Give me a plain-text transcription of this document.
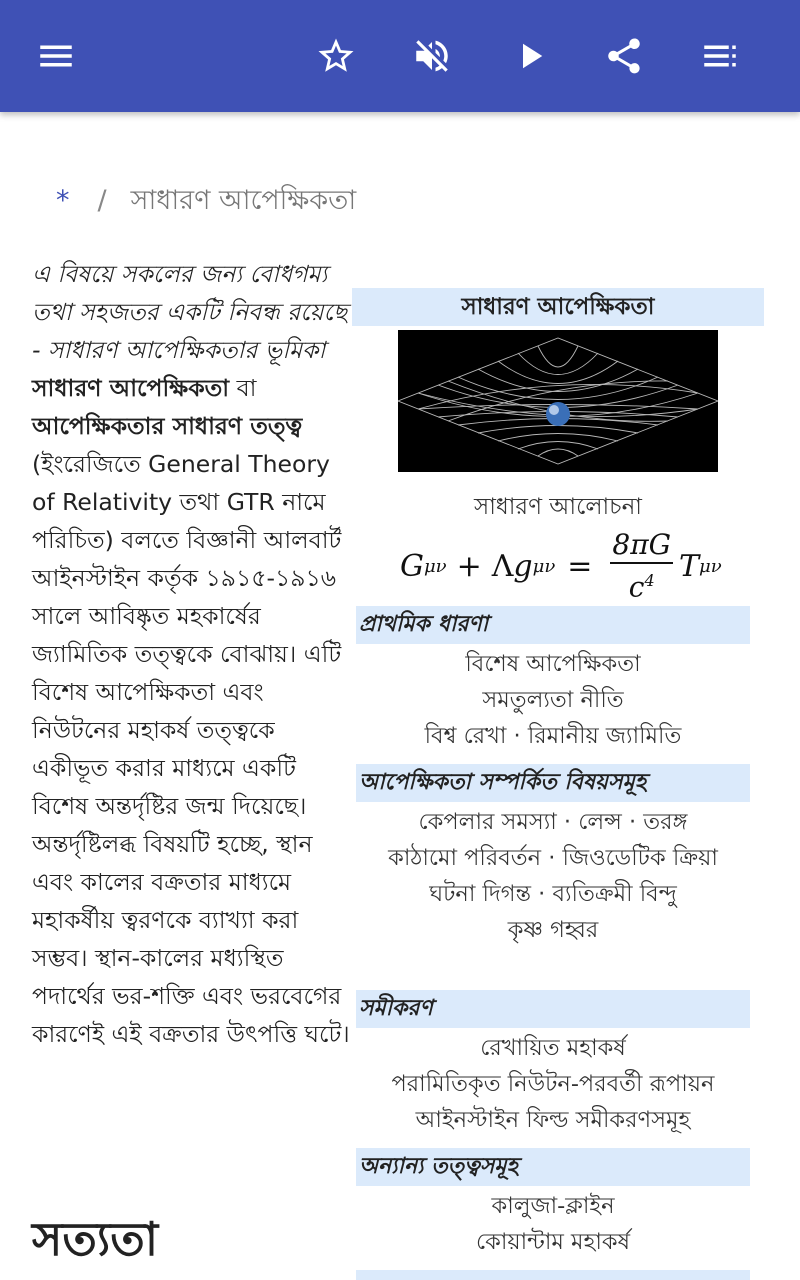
* / সাধারণ আপেক্ষিকতা
এ বিষয়ে সকলের জন্য বোধগম্য তথা সহজতর একটি নিবন্ধ রয়েছে - সাধারণ আপেক্ষিকতার ভূমিকা
সাধারণ আপেক্ষিকতা বা আপেক্ষিকতার সাধারণ তত্ত্ব (ইংরেজিতে General Theory of Relativity তথা GTR নামে পরিচিত) বলতে বিজ্ঞানী আলবার্ট আইনস্টাইন কর্তৃক ১৯১৫-১৯১৬ সালে আবিষ্কৃত মহকার্ষের জ্যামিতিক তত্ত্বকে বোঝায়। এটি বিশেষ আপেক্ষিকতা এবং নিউটনের মহাকর্ষ তত্ত্বকে একীভূত করার মাধ্যমে একটি বিশেষ অন্তর্দৃষ্টির জন্ম দিয়েছে। অন্তর্দৃষ্টিলব্ধ বিষয়টি হচ্ছে, স্থান এবং কালের বক্রতার মাধ্যমে মহাকর্ষীয় ত্বরণকে ব্যাখ্যা করা সম্ভব। স্থান-কালের মধ্যস্থিত পদার্থের ভর-শক্তি এবং ভরবেগের কারণেই এই বক্রতার উৎপত্তি ঘটে।
সত্যতা
সাধারণ আপেক্ষিকতা
সাধারণ আলোচনা
G μν + Λ g $\mu\nu = \frac{8\pi G}{c^4}$ T μν
প্রাথমিক ধারণা
বিশেষ আপেক্ষিকতা
সমতুল্যতা নীতি
বিশ্ব রেখা · রিমানীয় জ্যামিতি
আপেক্ষিকতা সম্পর্কিত বিষয়সমূহ
কেপলার সমস্যা · লেন্স · তরঙ্গ
কাঠামো পরিবর্তন · জিওডেটিক ক্রিয়া
ঘটনা দিগন্ত · ব্যতিক্রমী বিন্দু
কৃষ্ণ গহ্বর
সমীকরণ
রেখায়িত মহাকর্ষ
পরামিতিকৃত নিউটন-পরবর্তী রূপায়ন
আইনস্টাইন ফিল্ড সমীকরণসমূহ
অন্যান্য তত্ত্বসমূহ
কালুজা-ক্লাইন
কোয়ান্টাম মহাকর্ষ
